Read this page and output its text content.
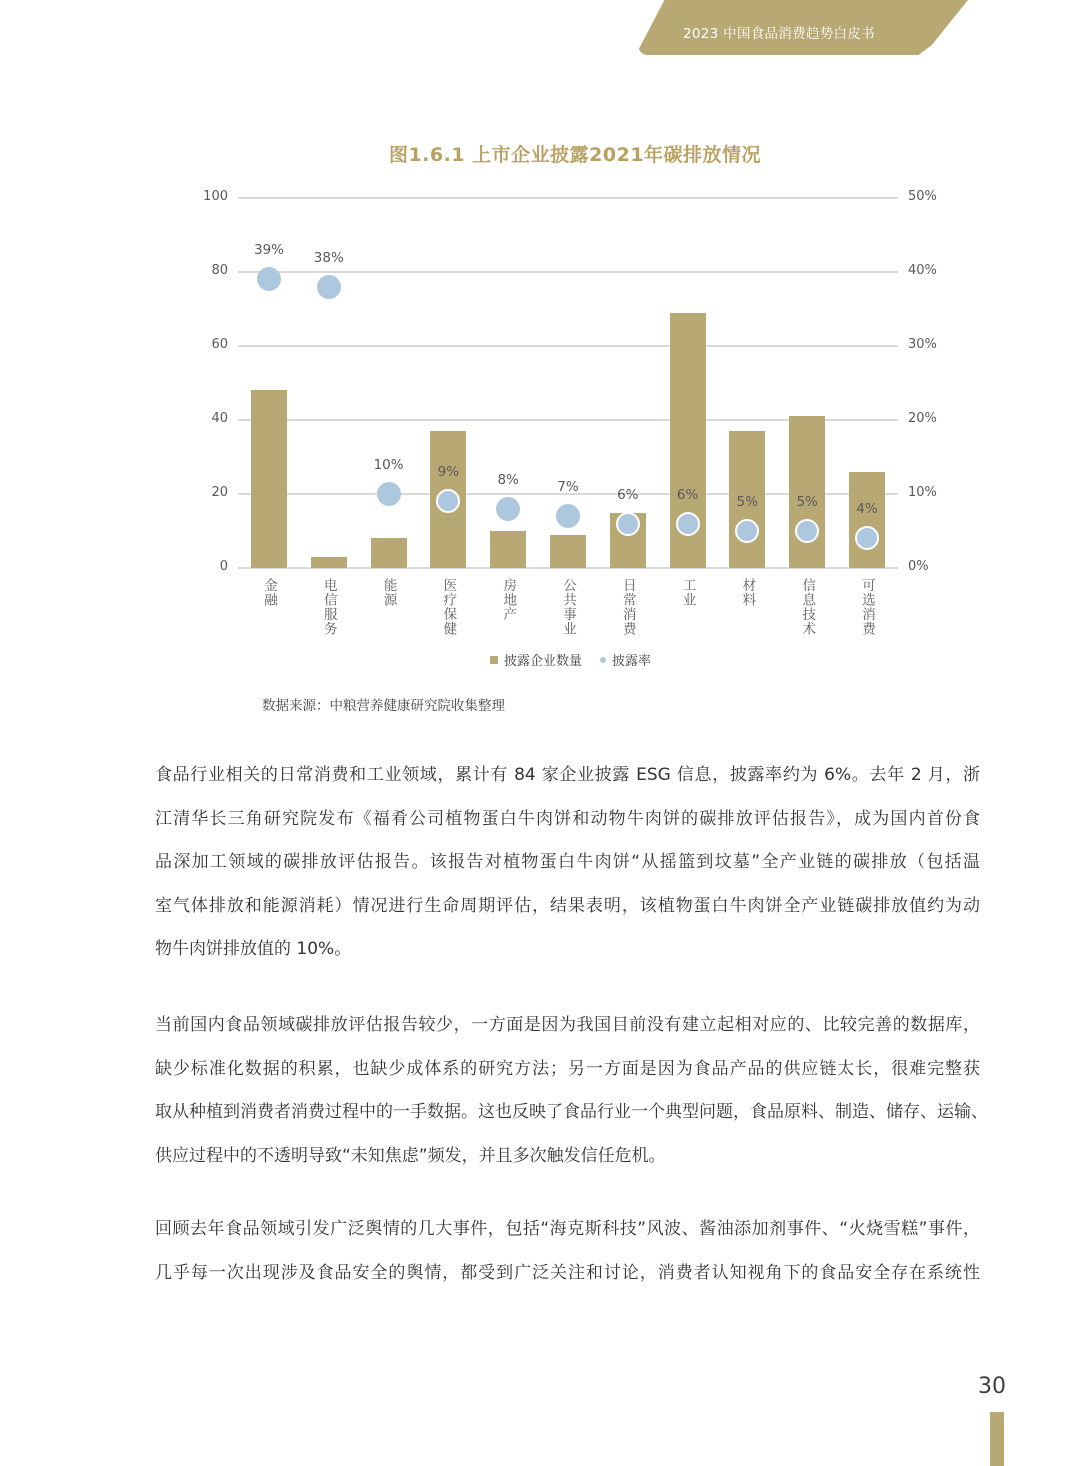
2023 中国食品消费趋势白皮书
图1.6.1 上市企业披露2021年碳排放情况
0	0%
20	10%
40	20%
60	30%
80	40%
100	50%
39%
金融
38%
电信服务
10%
能源
9%
医疗保健
8%
房地产
7%
公共事业
6%
日常消费
6%
工业
5%
材料
5%
信息技术
4%
可选消费
披露企业数量 披露率
数据来源：中粮营养健康研究院收集整理
食品行业相关的日常消费和工业领域，累计有 84 家企业披露 ESG 信息，披露率约为 6%。去年 2 月，浙
江清华长三角研究院发布《福肴公司植物蛋白牛肉饼和动物牛肉饼的碳排放评估报告》，成为国内首份食
品深加工领域的碳排放评估报告。该报告对植物蛋白牛肉饼“从摇篮到坟墓”全产业链的碳排放（包括温
室气体排放和能源消耗）情况进行生命周期评估，结果表明，该植物蛋白牛肉饼全产业链碳排放值约为动
物牛肉饼排放值的 10%。
当前国内食品领域碳排放评估报告较少，一方面是因为我国目前没有建立起相对应的、比较完善的数据库，
缺少标准化数据的积累，也缺少成体系的研究方法；另一方面是因为食品产品的供应链太长，很难完整获
取从种植到消费者消费过程中的一手数据。这也反映了食品行业一个典型问题，食品原料、制造、储存、运输、
供应过程中的不透明导致“未知焦虑”频发，并且多次触发信任危机。
回顾去年食品领域引发广泛舆情的几大事件，包括“海克斯科技”风波、酱油添加剂事件、“火烧雪糕”事件，
几乎每一次出现涉及食品安全的舆情，都受到广泛关注和讨论，消费者认知视角下的食品安全存在系统性
30
